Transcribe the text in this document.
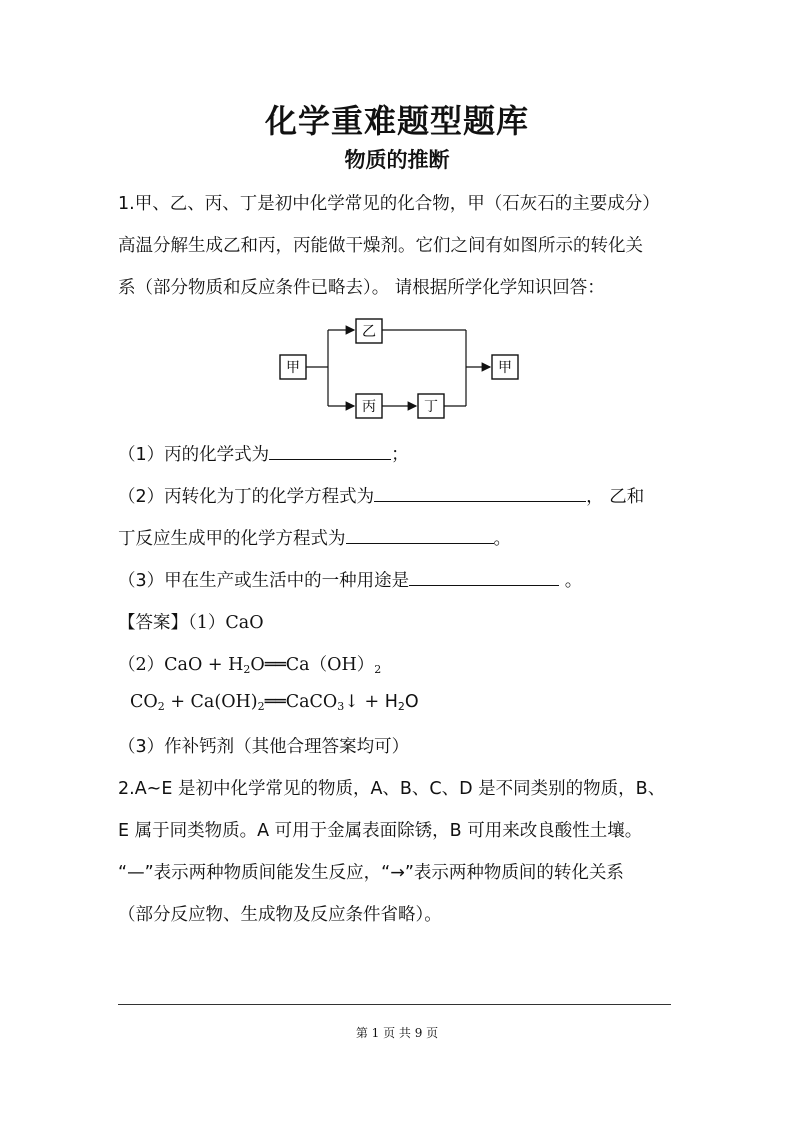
化学重难题型题库
物质的推断
1.甲、乙、丙、丁是初中化学常见的化合物，甲（石灰石的主要成分）
高温分解生成乙和丙，丙能做干燥剂。它们之间有如图所示的转化关
系（部分物质和反应条件已略去）。 请根据所学化学知识回答：
甲
乙
丙	丁
甲
（1）丙的化学式为	；
（2）丙转化为丁的化学方程式为	， 乙和
丁反应生成甲的化学方程式为	。
（3）甲在生产或生活中的一种用途是	。
【答案】（1）CaO
$(2)CaO + H_2O══Ca(OH)_2$
$CO_2$ + $Ca(OH)_2══CaCO_3↓ + H_2O$
（3）作补钙剂（其他合理答案均可）
2.A~E 是初中化学常见的物质，A、B、C、D 是不同类别的物质，B、
E 属于同类物质。A 可用于金属表面除锈，B 可用来改良酸性土壤。
“—”表示两种物质间能发生反应，“→”表示两种物质间的转化关系
（部分反应物、生成物及反应条件省略）。
第 1 页 共 9 页
